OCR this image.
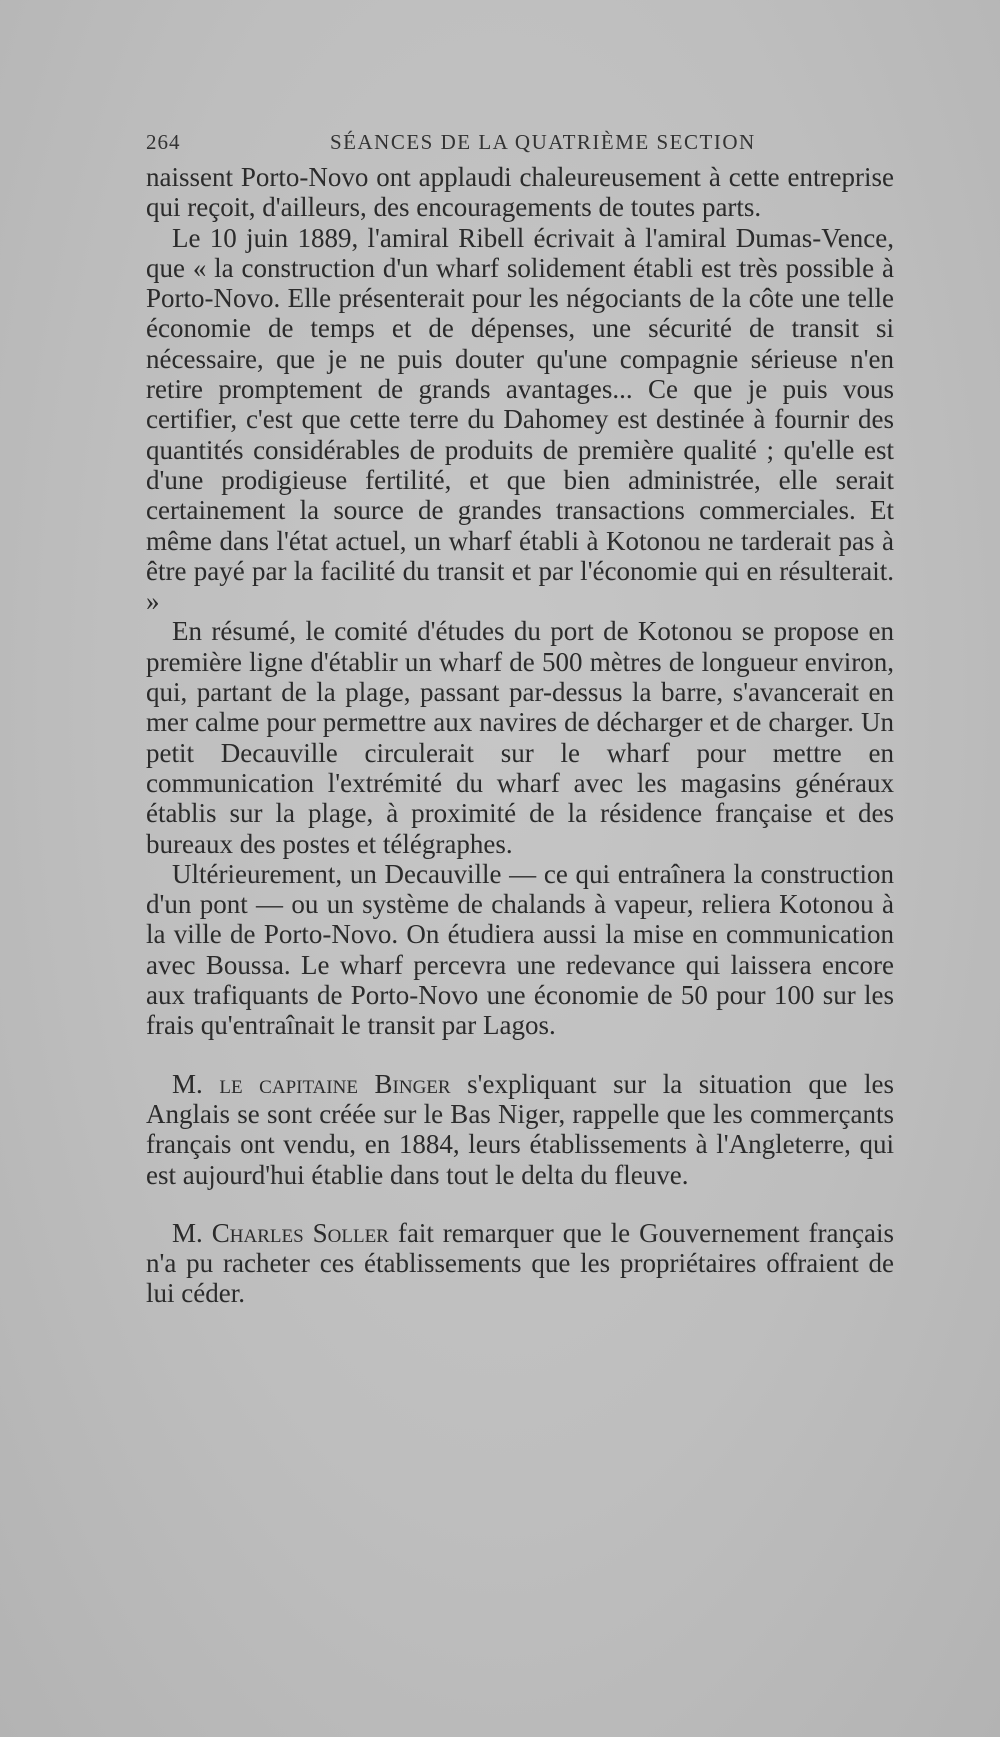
264	SÉANCES DE LA QUATRIÈME SECTION

naissent Porto-Novo ont applaudi chaleureusement à cette entreprise qui reçoit, d'ailleurs, des encouragements de toutes parts.

Le 10 juin 1889, l'amiral Ribell écrivait à l'amiral Dumas-Vence, que « la construction d'un wharf solidement établi est très possible à Porto-Novo. Elle présenterait pour les négociants de la côte une telle économie de temps et de dépenses, une sécurité de transit si nécessaire, que je ne puis douter qu'une compagnie sérieuse n'en retire promptement de grands avantages... Ce que je puis vous certifier, c'est que cette terre du Dahomey est destinée à fournir des quantités considérables de produits de première qualité ; qu'elle est d'une prodigieuse fertilité, et que bien administrée, elle serait certainement la source de grandes transactions commerciales. Et même dans l'état actuel, un wharf établi à Kotonou ne tarderait pas à être payé par la facilité du transit et par l'économie qui en résulterait. »

En résumé, le comité d'études du port de Kotonou se propose en première ligne d'établir un wharf de 500 mètres de longueur environ, qui, partant de la plage, passant par-dessus la barre, s'avancerait en mer calme pour permettre aux navires de décharger et de charger. Un petit Decauville circulerait sur le wharf pour mettre en communication l'extrémité du wharf avec les magasins généraux établis sur la plage, à proximité de la résidence française et des bureaux des postes et télégraphes.

Ultérieurement, un Decauville — ce qui entraînera la construction d'un pont — ou un système de chalands à vapeur, reliera Kotonou à la ville de Porto-Novo. On étudiera aussi la mise en communication avec Boussa. Le wharf percevra une redevance qui laissera encore aux trafiquants de Porto-Novo une économie de 50 pour 100 sur les frais qu'entraînait le transit par Lagos.

M. le capitaine Binger s'expliquant sur la situation que les Anglais se sont créée sur le Bas Niger, rappelle que les commerçants français ont vendu, en 1884, leurs établissements à l'Angleterre, qui est aujourd'hui établie dans tout le delta du fleuve.

M. Charles Soller fait remarquer que le Gouvernement français n'a pu racheter ces établissements que les propriétaires offraient de lui céder.
